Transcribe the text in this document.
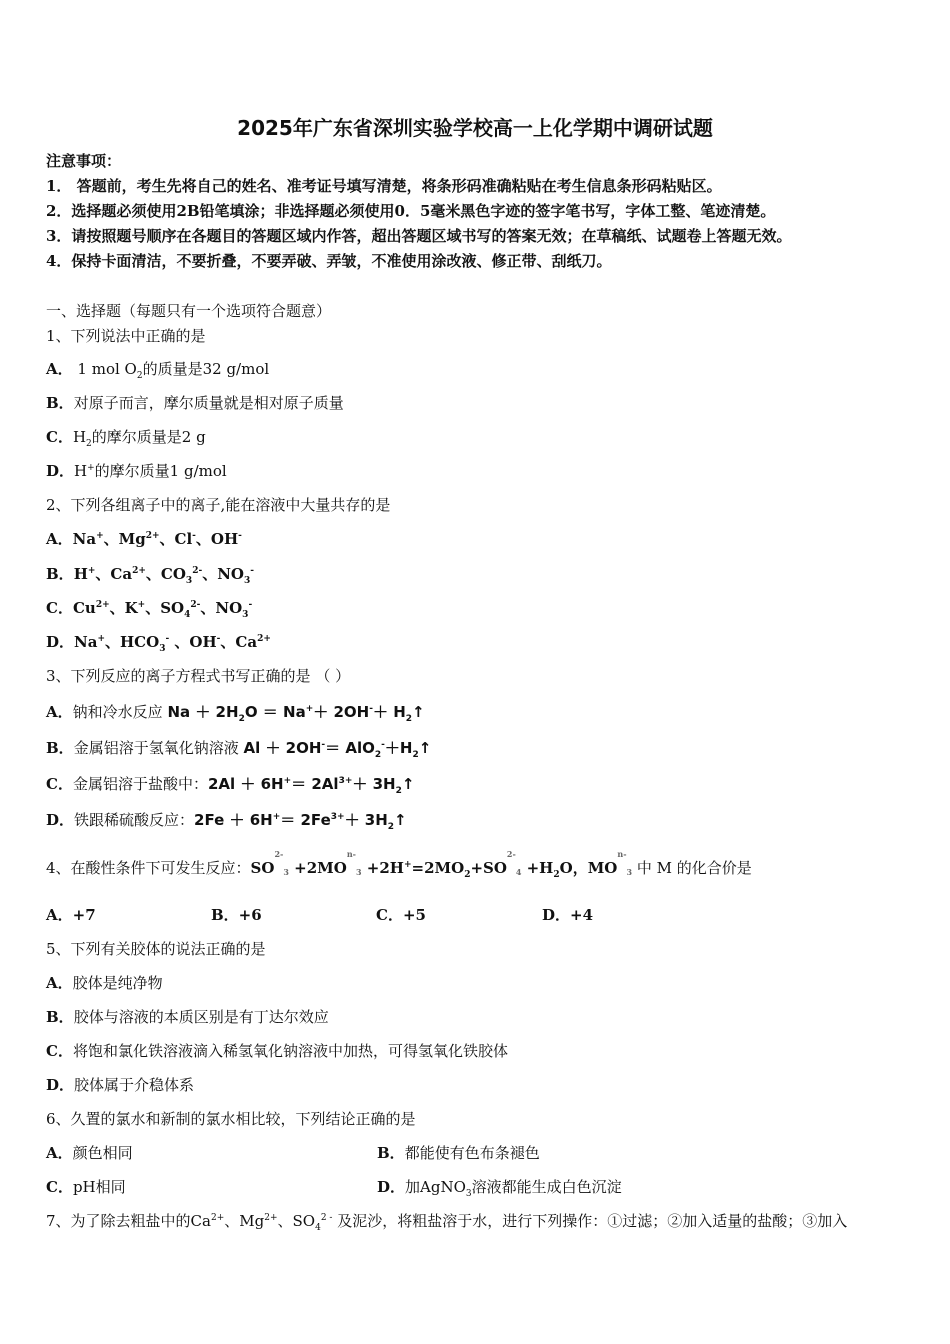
2025年广东省深圳实验学校高一上化学期中调研试题
注意事项：
1． 答题前，考生先将自己的姓名、准考证号填写清楚，将条形码准确粘贴在考生信息条形码粘贴区。
2．选择题必须使用2B铅笔填涂；非选择题必须使用0．5毫米黑色字迹的签字笔书写，字体工整、笔迹清楚。
3．请按照题号顺序在各题目的答题区域内作答，超出答题区域书写的答案无效；在草稿纸、试题卷上答题无效。
4．保持卡面清洁，不要折叠，不要弄破、弄皱，不准使用涂改液、修正带、刮纸刀。
一、选择题（每题只有一个选项符合题意）
1、下列说法中正确的是
A． 1 mol $O_2$的质量是32 g/mol
B．对原子而言，摩尔质量就是相对原子质量
C．$H_2$的摩尔质量是2 g
D．H+的摩尔质量1 g/mol
2、下列各组离子中的离子,能在溶液中大量共存的是
A．Na+、$Mg^{2+}$、Cl-、OH-
B．H+、$Ca^{2+}$、$CO_3^{2-}$、$NO_3^-$
C．$Cu^{2+}$、K+、$SO_4^{2-}$、$NO_3^-$
D．Na+、$HCO_3^-$ 、OH-、$Ca^{2+}$
3、下列反应的离子方程式书写正确的是 （ ）
A．钠和冷水反应 $Na + 2H_2O = Na^++ 2OH^-+$ $H_2↑$
B．金属铝溶于氢氧化钠溶液 $Al + 2OH^-= AlO_2^-+H_2↑$
C．金属铝溶于盐酸中：$2Al + 6H^+= 2Al^{3+}+$ $3H_2↑$
D．铁跟稀硫酸反应：$2Fe + 6H^+= 2Fe^{3+}+$ $3H_2↑$
4、在酸性条件下可发生反应：$SO^{2-}3 +2MO^{n-}3 +2H^+=2MO_2+SO^{2-}4 +H_2O$，$MO^{n-}3$ 中 M 的化合价是
A．+7	B．+6	C．+5	D．+4
5、下列有关胶体的说法正确的是
A．胶体是纯净物
B．胶体与溶液的本质区别是有丁达尔效应
C．将饱和氯化铁溶液滴入稀氢氧化钠溶液中加热，可得氢氧化铁胶体
D．胶体属于介稳体系
6、久置的氯水和新制的氯水相比较，下列结论正确的是
A．颜色相同	B．都能使有色布条褪色
C．pH相同	D．加AgNO$_3$溶液都能生成白色沉淀
7、为了除去粗盐中的$Ca^{2+}$、$Mg^{2+}$、$SO_4^{2 -}$ 及泥沙，将粗盐溶于水，进行下列操作：①过滤；②加入适量的盐酸；③加入
